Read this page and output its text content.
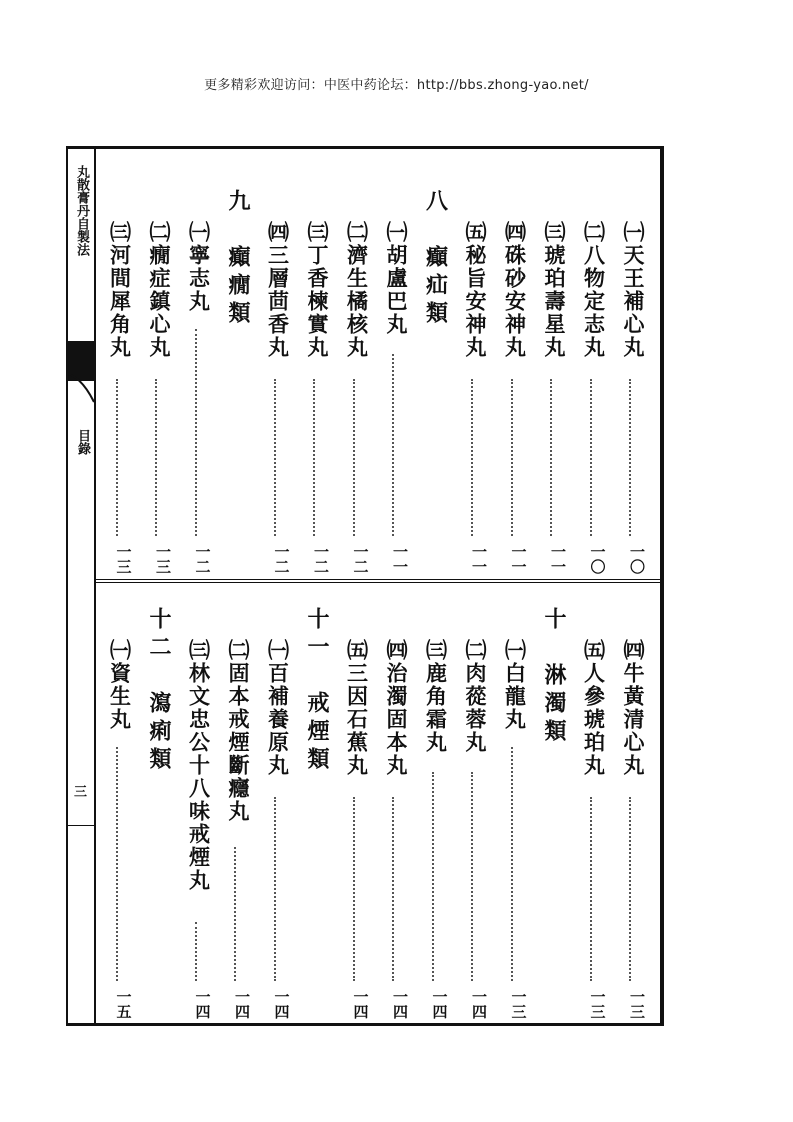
更多精彩欢迎访问：中医中药论坛：http://bbs.zhong-yao.net/
丸散膏丹自製法
目錄
三
㈠天王補心丸
一〇
㈡八物定志丸
一〇
㈢琥珀壽星丸
一一
㈣硃砂安神丸
一一
㈤秘旨安神丸
一一
八　癲疝類
㈠胡盧巴丸
一一
㈡濟生橘核丸
一二
㈢丁香楝實丸
一二
㈣三層茴香丸
一二
九　癲癇類
㈠寧志丸
一二
㈡癇症鎮心丸
一三
㈢河間犀角丸
一三
㈣牛黃清心丸
一三
㈤人參琥珀丸
一三
十　淋濁類
㈠白龍丸
一三
㈡肉蓯蓉丸
一四
㈢鹿角霜丸
一四
㈣治濁固本丸
一四
㈤三因石蕉丸
一四
十一　戒煙類
㈠百補養原丸
一四
㈡固本戒煙斷癮丸
一四
㈢林文忠公十八味戒煙丸
一四
十二　瀉痢類
㈠資生丸
一五
